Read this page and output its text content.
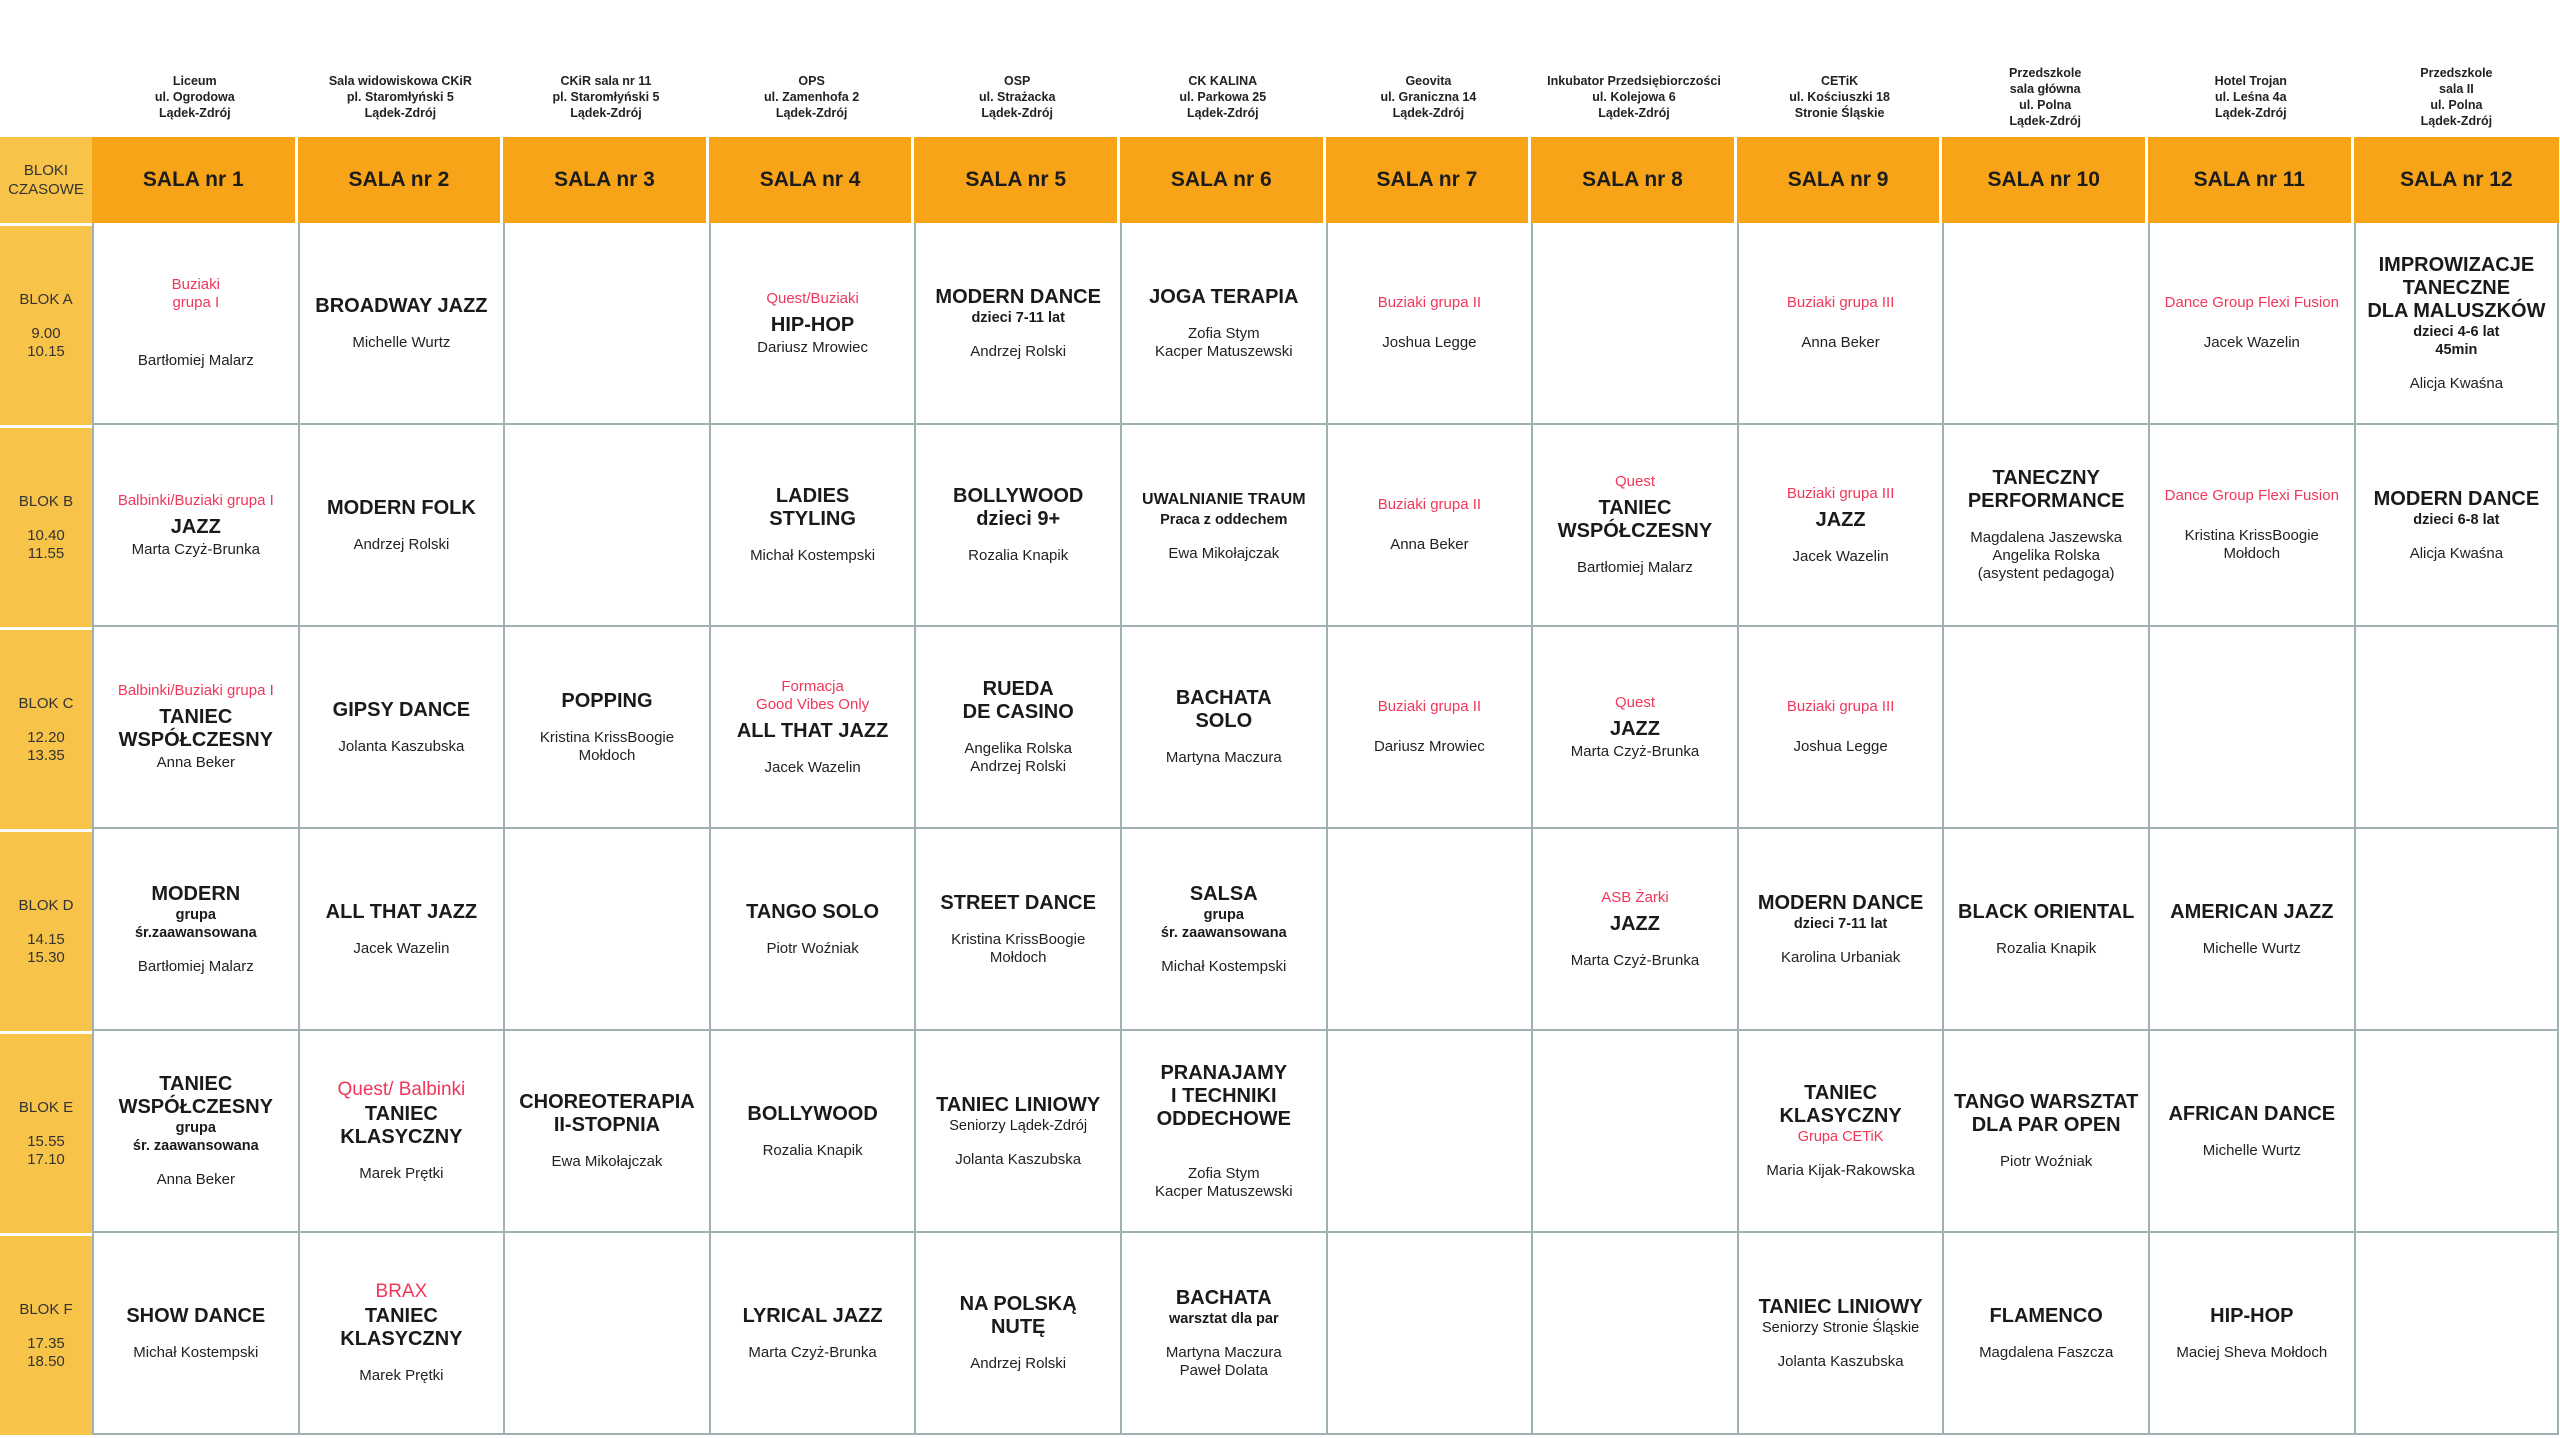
BLOKI
CZASOWE
Liceum
ul. Ogrodowa
Lądek-Zdrój
SALA nr 1
Sala widowiskowa CKiR
pl. Staromłyński 5
Lądek-Zdrój
SALA nr 2
CKiR sala nr 11
pl. Staromłyński 5
Lądek-Zdrój
SALA nr 3
OPS
ul. Zamenhofa 2
Lądek-Zdrój
SALA nr 4
OSP
ul. Strażacka
Lądek-Zdrój
SALA nr 5
CK KALINA
ul. Parkowa 25
Lądek-Zdrój
SALA nr 6
Geovita
ul. Graniczna 14
Lądek-Zdrój
SALA nr 7
Inkubator Przedsiębiorczości
ul. Kolejowa 6
Lądek-Zdrój
SALA nr 8
CETiK
ul. Kościuszki 18
Stronie Śląskie
SALA nr 9
Przedszkole
sala główna
ul. Polna
Lądek-Zdrój
SALA nr 10
Hotel Trojan
ul. Leśna 4a
Lądek-Zdrój
SALA nr 11
Przedszkole
sala II
ul. Polna
Lądek-Zdrój
SALA nr 12
BLOK A
9.00
10.15
BLOK B
10.40
11.55
BLOK C
12.20
13.35
BLOK D
14.15
15.30
BLOK E
15.55
17.10
BLOK F
17.35
18.50
Buziaki
grupa I
Bartłomiej Malarz
BROADWAY JAZZ
Michelle Wurtz
Quest/Buziaki
HIP-HOP
Dariusz Mrowiec
MODERN DANCE
dzieci 7-11 lat
Andrzej Rolski
JOGA TERAPIA
Zofia Stym
Kacper Matuszewski
Buziaki grupa II
Joshua Legge
Buziaki grupa III
Anna Beker
Dance Group Flexi Fusion
Jacek Wazelin
IMPROWIZACJE
TANECZNE
DLA MALUSZKÓW
dzieci 4-6 lat
45min
Alicja Kwaśna
Balbinki/Buziaki grupa I
JAZZ
Marta Czyż-Brunka
MODERN FOLK
Andrzej Rolski
LADIES
STYLING
Michał Kostempski
BOLLYWOOD
dzieci 9+
Rozalia Knapik
UWALNIANIE TRAUM
Praca z oddechem
Ewa Mikołajczak
Buziaki grupa II
Anna Beker
Quest
TANIEC
WSPÓŁCZESNY
Bartłomiej Malarz
Buziaki grupa III
JAZZ
Jacek Wazelin
TANECZNY
PERFORMANCE
Magdalena Jaszewska
Angelika Rolska
(asystent pedagoga)
Dance Group Flexi Fusion
Kristina KrissBoogie
Mołdoch
MODERN DANCE
dzieci 6-8 lat
Alicja Kwaśna
Balbinki/Buziaki grupa I
TANIEC
WSPÓŁCZESNY
Anna Beker
GIPSY DANCE
Jolanta Kaszubska
POPPING
Kristina KrissBoogie
Mołdoch
Formacja
Good Vibes Only
ALL THAT JAZZ
Jacek Wazelin
RUEDA
DE CASINO
Angelika Rolska
Andrzej Rolski
BACHATA
SOLO
Martyna Maczura
Buziaki grupa II
Dariusz Mrowiec
Quest
JAZZ
Marta Czyż-Brunka
Buziaki grupa III
Joshua Legge
MODERN
grupa
śr.zaawansowana
Bartłomiej Malarz
ALL THAT JAZZ
Jacek Wazelin
TANGO SOLO
Piotr Woźniak
STREET DANCE
Kristina KrissBoogie
Mołdoch
SALSA
grupa
śr. zaawansowana
Michał Kostempski
ASB Żarki
JAZZ
Marta Czyż-Brunka
MODERN DANCE
dzieci 7-11 lat
Karolina Urbaniak
BLACK ORIENTAL
Rozalia Knapik
AMERICAN JAZZ
Michelle Wurtz
TANIEC
WSPÓŁCZESNY
grupa
śr. zaawansowana
Anna Beker
Quest/ Balbinki
TANIEC KLASYCZNY
Marek Prętki
CHOREOTERAPIA
II-STOPNIA
Ewa Mikołajczak
BOLLYWOOD
Rozalia Knapik
TANIEC LINIOWY
Seniorzy Lądek-Zdrój
Jolanta Kaszubska
PRANAJAMY
I TECHNIKI
ODDECHOWE
Zofia Stym
Kacper Matuszewski
TANIEC
KLASYCZNY
Grupa CETiK
Maria Kijak-Rakowska
TANGO WARSZTAT
DLA PAR OPEN
Piotr Woźniak
AFRICAN DANCE
Michelle Wurtz
SHOW DANCE
Michał Kostempski
BRAX
TANIEC KLASYCZNY
Marek Prętki
LYRICAL JAZZ
Marta Czyż-Brunka
NA POLSKĄ
NUTĘ
Andrzej Rolski
BACHATA
warsztat dla par
Martyna Maczura
Paweł Dolata
TANIEC LINIOWY
Seniorzy Stronie Śląskie
Jolanta Kaszubska
FLAMENCO
Magdalena Faszcza
HIP-HOP
Maciej Sheva Mołdoch
